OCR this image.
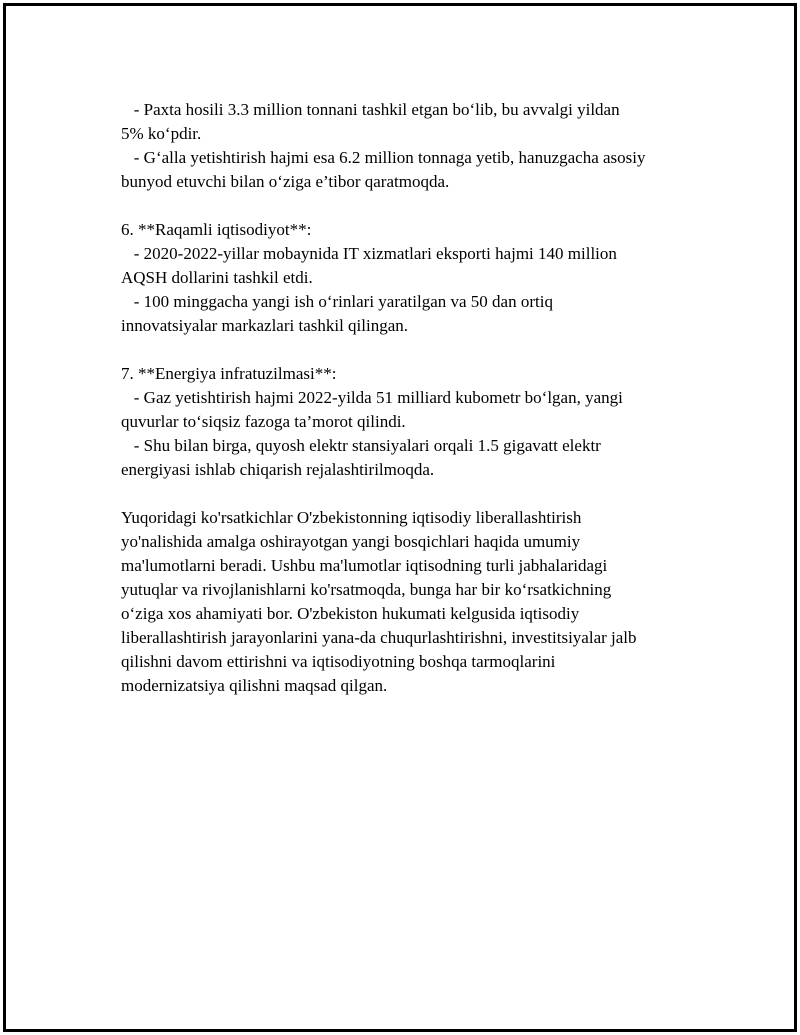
- Paxta hosili 3.3 million tonnani tashkil etgan bo‘lib, bu avvalgi yildan

5% ko‘pdir.

- G‘alla yetishtirish hajmi esa 6.2 million tonnaga yetib, hanuzgacha asosiy

bunyod etuvchi bilan o‘ziga e’tibor qaratmoqda.

6. **Raqamli iqtisodiyot**:

- 2020-2022-yillar mobaynida IT xizmatlari eksporti hajmi 140 million

AQSH dollarini tashkil etdi.

- 100 minggacha yangi ish o‘rinlari yaratilgan va 50 dan ortiq

innovatsiyalar markazlari tashkil qilingan.

7. **Energiya infratuzilmasi**:

- Gaz yetishtirish hajmi 2022-yilda 51 milliard kubometr bo‘lgan, yangi

quvurlar to‘siqsiz fazoga ta’morot qilindi.

- Shu bilan birga, quyosh elektr stansiyalari orqali 1.5 gigavatt elektr

energiyasi ishlab chiqarish rejalashtirilmoqda.

Yuqoridagi ko'rsatkichlar O'zbekistonning iqtisodiy liberallashtirish

yo'nalishida amalga oshirayotgan yangi bosqichlari haqida umumiy

ma'lumotlarni beradi. Ushbu ma'lumotlar iqtisodning turli jabhalaridagi

yutuqlar va rivojlanishlarni ko'rsatmoqda, bunga har bir ko‘rsatkichning

o‘ziga xos ahamiyati bor. O'zbekiston hukumati kelgusida iqtisodiy

liberallashtirish jarayonlarini yana-da chuqurlashtirishni, investitsiyalar jalb

qilishni davom ettirishni va iqtisodiyotning boshqa tarmoqlarini

modernizatsiya qilishni maqsad qilgan.
